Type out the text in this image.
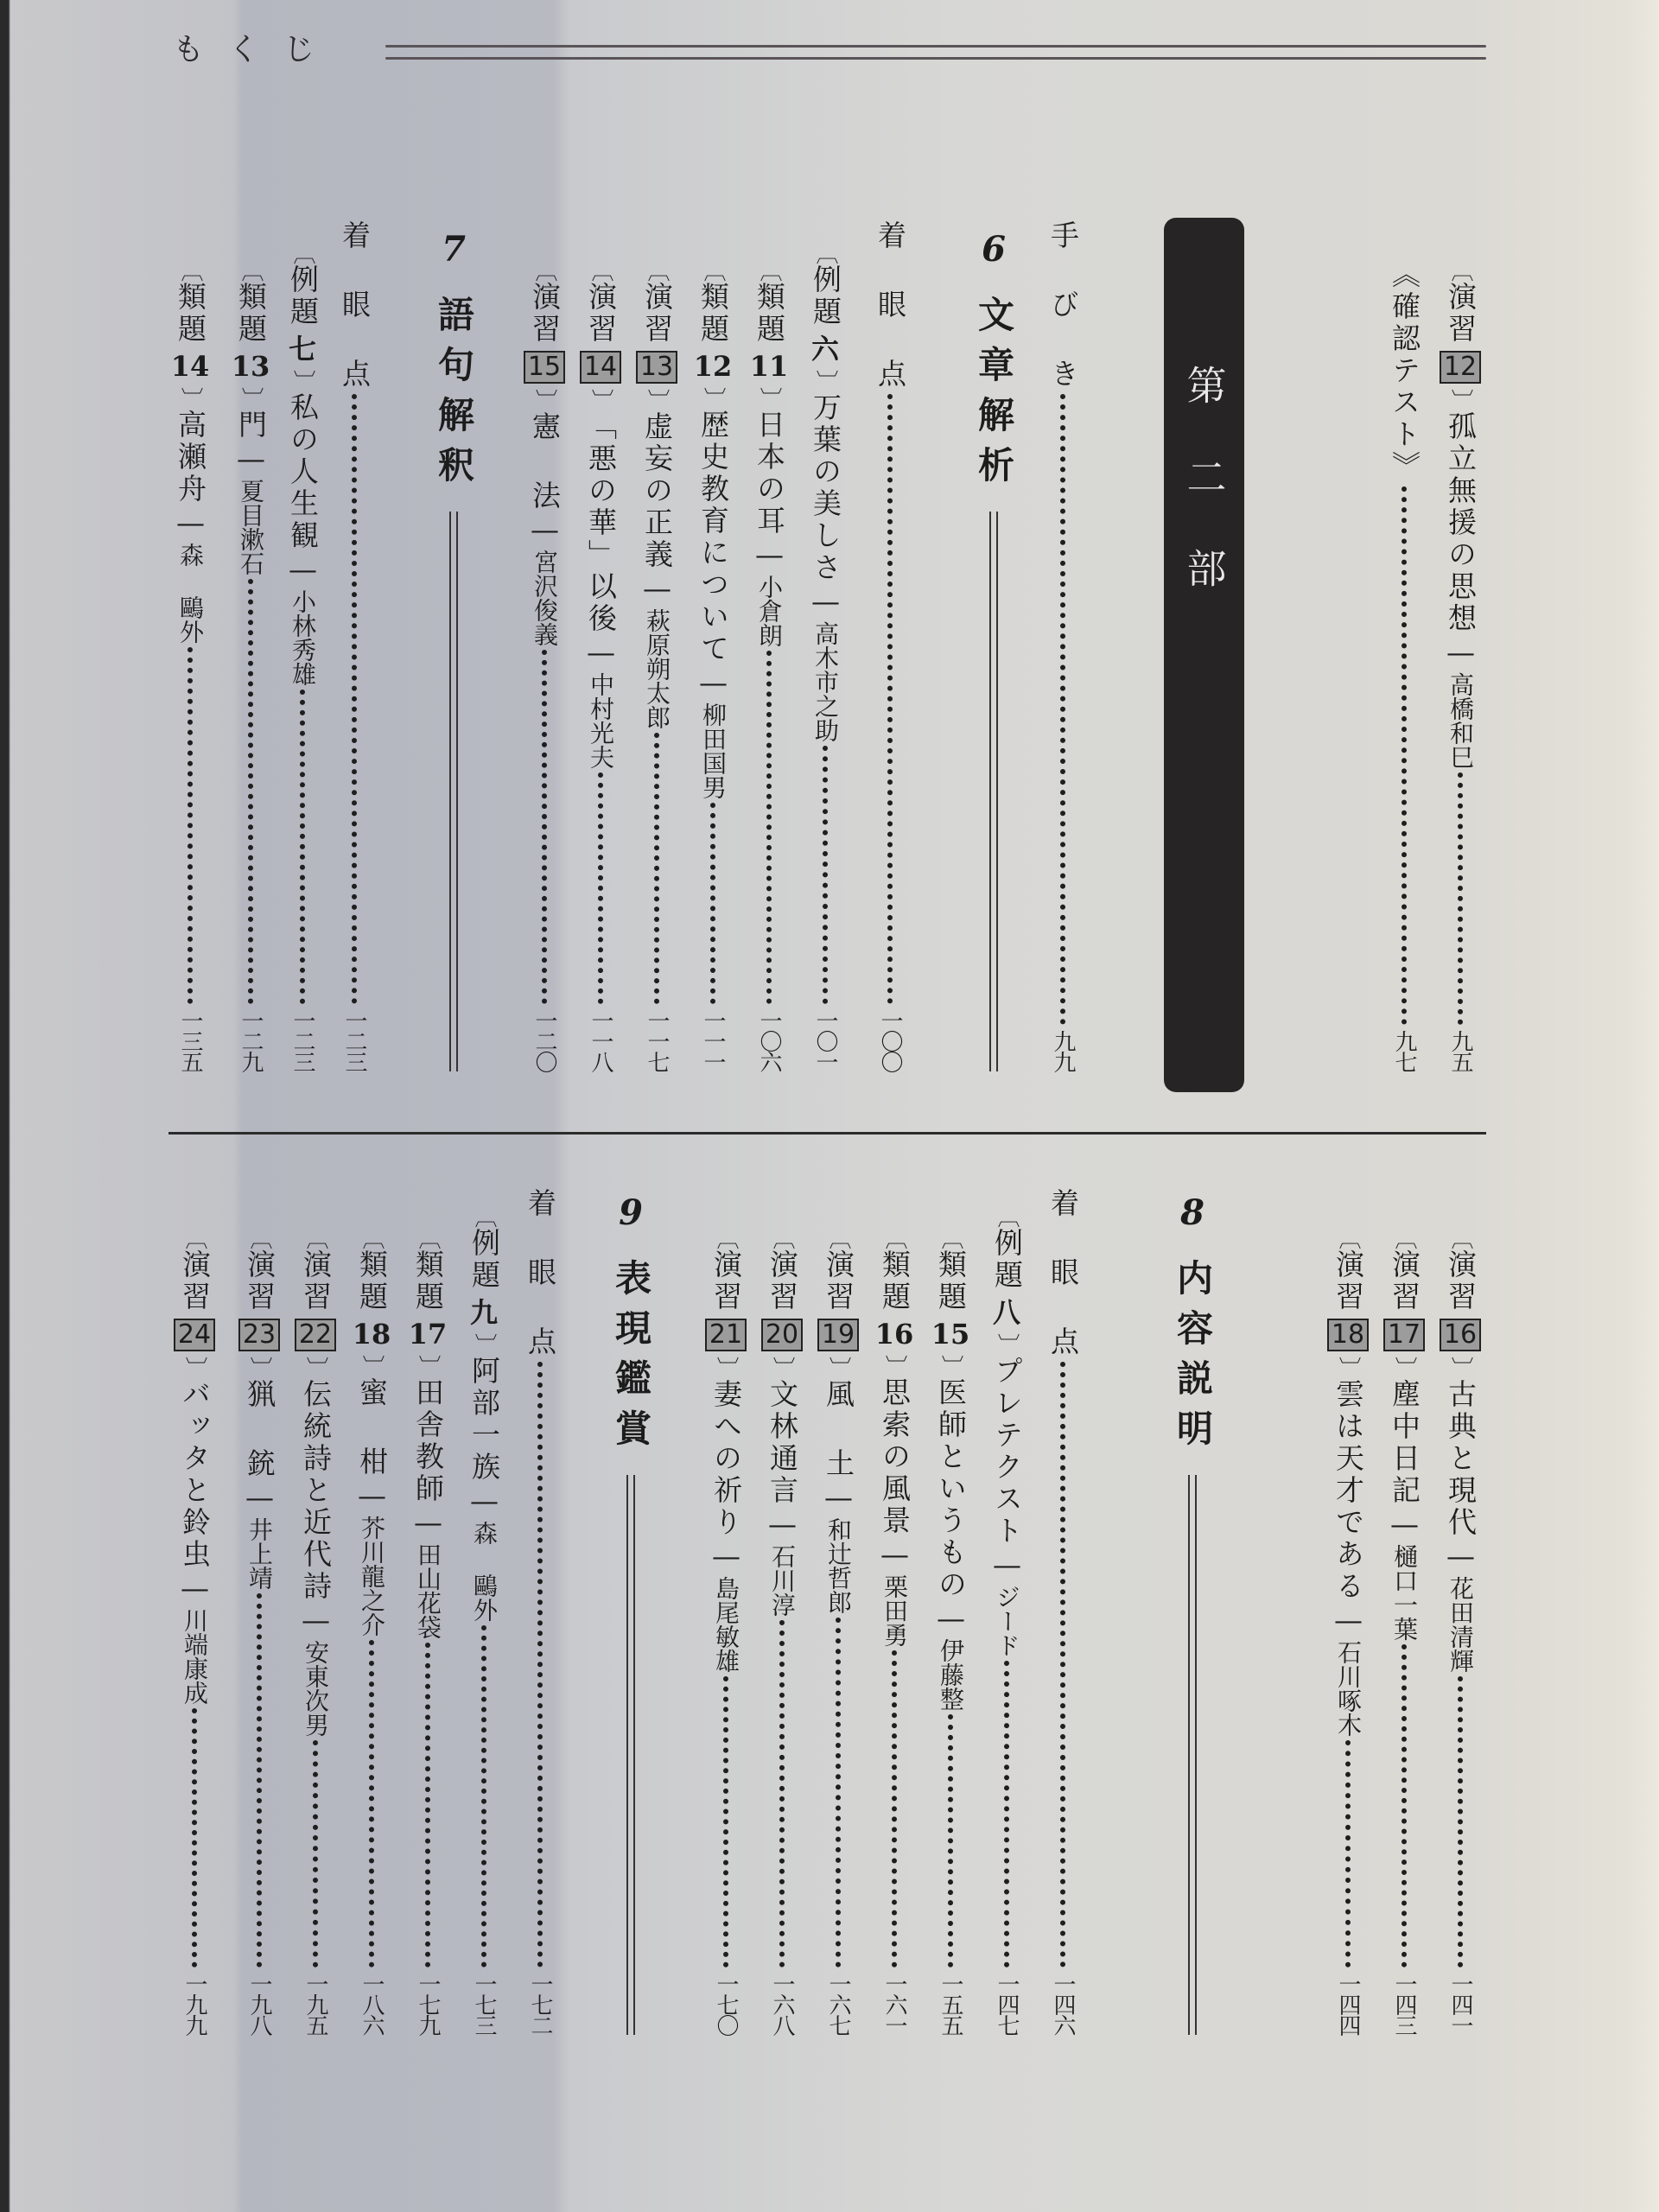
もくじ
第二部
〔
演習
12
〕
孤立無援の思想
—
高橋和巳
九五
《確認テスト》
九七
手 び き
九九
6
文章解析
着 眼 点
一〇〇
〔
例題
六
〕
万葉の美しさ
—
高木市之助
一〇一
〔
類題
11
〕
日本の耳
—
小倉朗
一〇六
〔
類題
12
〕
歴史教育について
—
柳田国男
一一一
〔
演習
13
〕
虚妄の正義
—
萩原朔太郎
一一七
〔
演習
14
〕
「悪の華」以後
—
中村光夫
一一八
〔
演習
15
〕
憲 法
—
宮沢俊義
一二〇
7
語句解釈
着 眼 点
一二三
〔
例題
七
〕
私の人生観
—
小林秀雄
一二三
〔
類題
13
〕
門
—
夏目漱石
一二九
〔
類題
14
〕
高瀬舟
—
森 鷗外
一三五
〔
演習
16
〕
古典と現代
—
花田清輝
一四一
〔
演習
17
〕
塵中日記
—
樋口一葉
一四三
〔
演習
18
〕
雲は天才である
—
石川啄木
一四四
8
内容説明
着 眼 点
一四六
〔
例題
八
〕
プレテクスト
—
ジード
一四七
〔
類題
15
〕
医師というもの
—
伊藤整
一五五
〔
類題
16
〕
思索の風景
—
栗田勇
一六一
〔
演習
19
〕
風 土
—
和辻哲郎
一六七
〔
演習
20
〕
文林通言
—
石川淳
一六八
〔
演習
21
〕
妻への祈り
—
島尾敏雄
一七〇
9
表現鑑賞
着 眼 点
一七二
〔
例題
九
〕
阿部一族
—
森 鷗外
一七三
〔
類題
17
〕
田舎教師
—
田山花袋
一七九
〔
類題
18
〕
蜜 柑
—
芥川龍之介
一八六
〔
演習
22
〕
伝統詩と近代詩
—
安東次男
一九五
〔
演習
23
〕
猟 銃
—
井上靖
一九八
〔
演習
24
〕
バッタと鈴虫
—
川端康成
一九九
